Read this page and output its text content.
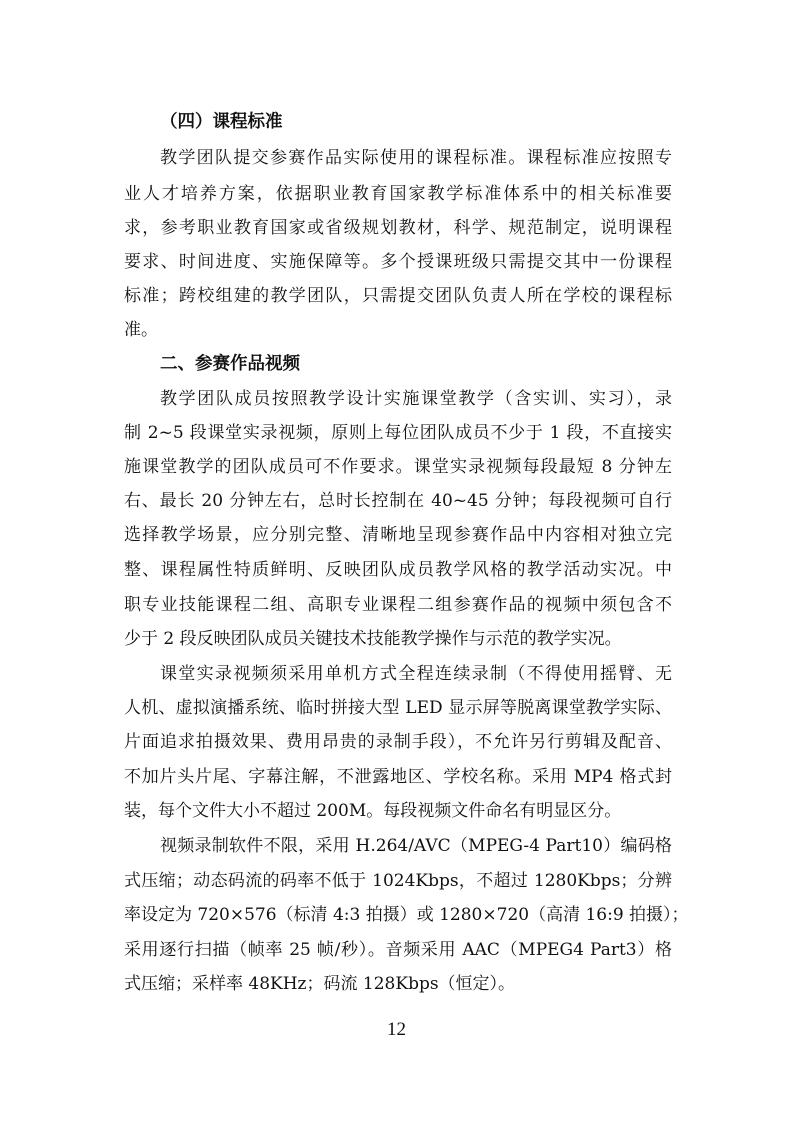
（四）课程标准
教学团队提交参赛作品实际使用的课程标准。课程标准应按照专
业人才培养方案，依据职业教育国家教学标准体系中的相关标准要
求，参考职业教育国家或省级规划教材，科学、规范制定，说明课程
要求、时间进度、实施保障等。多个授课班级只需提交其中一份课程
标准；跨校组建的教学团队，只需提交团队负责人所在学校的课程标
准。
二、参赛作品视频
教学团队成员按照教学设计实施课堂教学（含实训、实习），录
制 2~5 段课堂实录视频，原则上每位团队成员不少于 1 段，不直接实
施课堂教学的团队成员可不作要求。课堂实录视频每段最短 8 分钟左
右、最长 20 分钟左右，总时长控制在 40~45 分钟；每段视频可自行
选择教学场景，应分别完整、清晰地呈现参赛作品中内容相对独立完
整、课程属性特质鲜明、反映团队成员教学风格的教学活动实况。中
职专业技能课程二组、高职专业课程二组参赛作品的视频中须包含不
少于 2 段反映团队成员关键技术技能教学操作与示范的教学实况。
课堂实录视频须采用单机方式全程连续录制（不得使用摇臂、无
人机、虚拟演播系统、临时拼接大型 LED 显示屏等脱离课堂教学实际、
片面追求拍摄效果、费用昂贵的录制手段），不允许另行剪辑及配音、
不加片头片尾、字幕注解，不泄露地区、学校名称。采用 MP4 格式封
装，每个文件大小不超过 200M。每段视频文件命名有明显区分。
视频录制软件不限，采用 H.264/AVC（MPEG-4 Part10）编码格
式压缩；动态码流的码率不低于 1024Kbps，不超过 1280Kbps；分辨
率设定为 720×576（标清 4:3 拍摄）或 1280×720（高清 16:9 拍摄）；
采用逐行扫描（帧率 25 帧/秒）。音频采用 AAC（MPEG4 Part3）格
式压缩；采样率 48KHz；码流 128Kbps（恒定）。
12
